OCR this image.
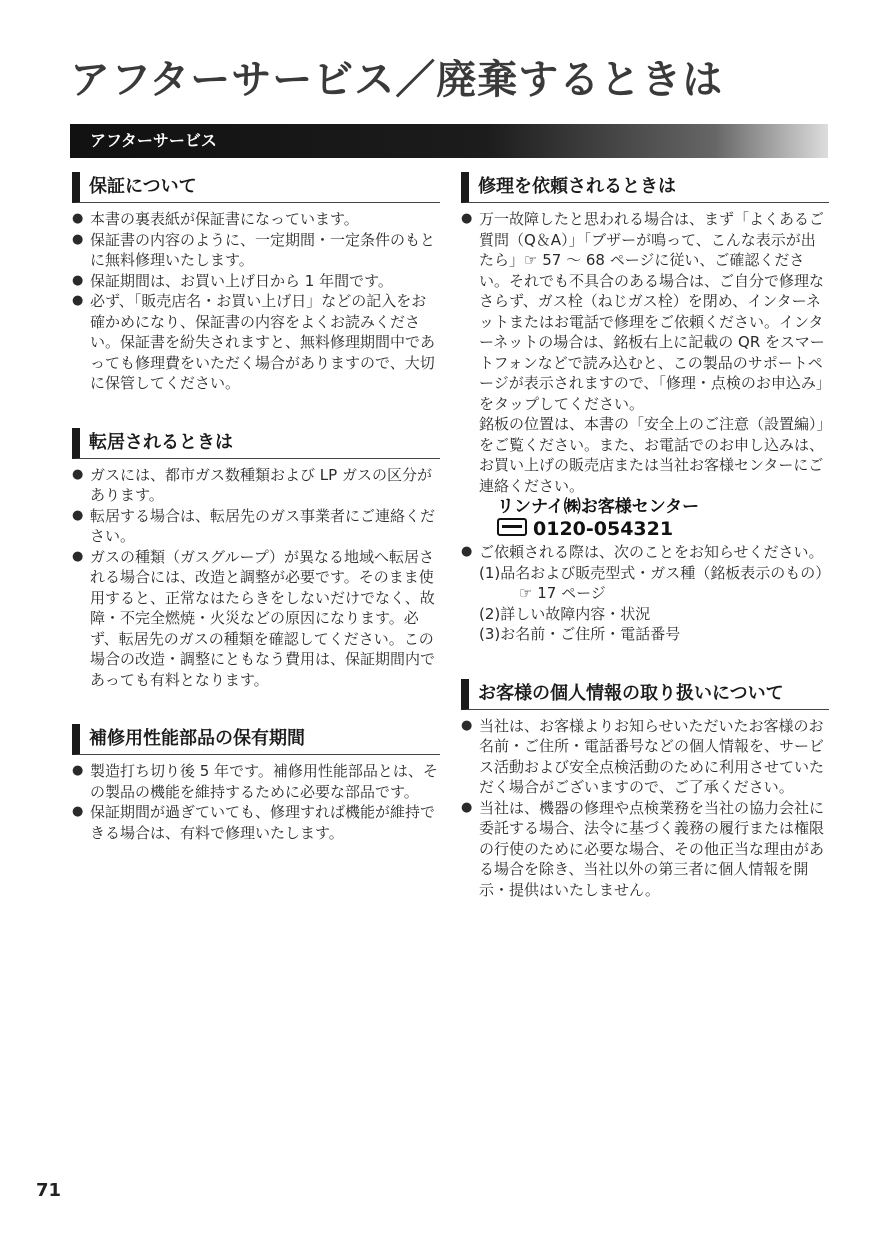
アフターサービス／廃棄するときは
アフターサービス
保証について
● 本書の裏表紙が保証書になっています。
● 保証書の内容のように、一定期間・一定条件のもとに無料修理いたします。
● 保証期間は、お買い上げ日から 1 年間です。
● 必ず、「販売店名・お買い上げ日」などの記入をお確かめになり、保証書の内容をよくお読みください。保証書を紛失されますと、無料修理期間中であっても修理費をいただく場合がありますので、大切に保管してください。
転居されるときは
● ガスには、都市ガス数種類および LP ガスの区分があります。
● 転居する場合は、転居先のガス事業者にご連絡ください。
● ガスの種類（ガスグループ）が異なる地域へ転居される場合には、改造と調整が必要です。そのまま使用すると、正常なはたらきをしないだけでなく、故障・不完全燃焼・火災などの原因になります。必ず、転居先のガスの種類を確認してください。この場合の改造・調整にともなう費用は、保証期間内であっても有料となります。
補修用性能部品の保有期間
● 製造打ち切り後 5 年です。補修用性能部品とは、その製品の機能を維持するために必要な部品です。
● 保証期間が過ぎていても、修理すれば機能が維持できる場合は、有料で修理いたします。
修理を依頼されるときは
● 万一故障したと思われる場合は、まず「よくあるご質問（Q＆A）」「ブザーが鳴って、こんな表示が出たら」☞ 57 ～ 68 ページに従い、ご確認ください。それでも不具合のある場合は、ご自分で修理なさらず、ガス栓（ねじガス栓）を閉め、インターネットまたはお電話で修理をご依頼ください。インターネットの場合は、銘板右上に記載の QR をスマートフォンなどで読み込むと、この製品のサポートページが表示されますので、「修理・点検のお申込み」をタップしてください。
銘板の位置は、本書の「安全上のご注意（設置編）」をご覧ください。また、お電話でのお申し込みは、お買い上げの販売店または当社お客様センターにご連絡ください。
リンナイ㈱お客様センター
0120-054321
● ご依頼される際は、次のことをお知らせください。
(1)品名および販売型式・ガス種（銘板表示のもの）☞ 17 ページ
(2)詳しい故障内容・状況
(3)お名前・ご住所・電話番号
お客様の個人情報の取り扱いについて
● 当社は、お客様よりお知らせいただいたお客様のお名前・ご住所・電話番号などの個人情報を、サービス活動および安全点検活動のために利用させていただく場合がございますので、ご了承ください。
● 当社は、機器の修理や点検業務を当社の協力会社に委託する場合、法令に基づく義務の履行または権限の行使のために必要な場合、その他正当な理由がある場合を除き、当社以外の第三者に個人情報を開示・提供はいたしません。
71
